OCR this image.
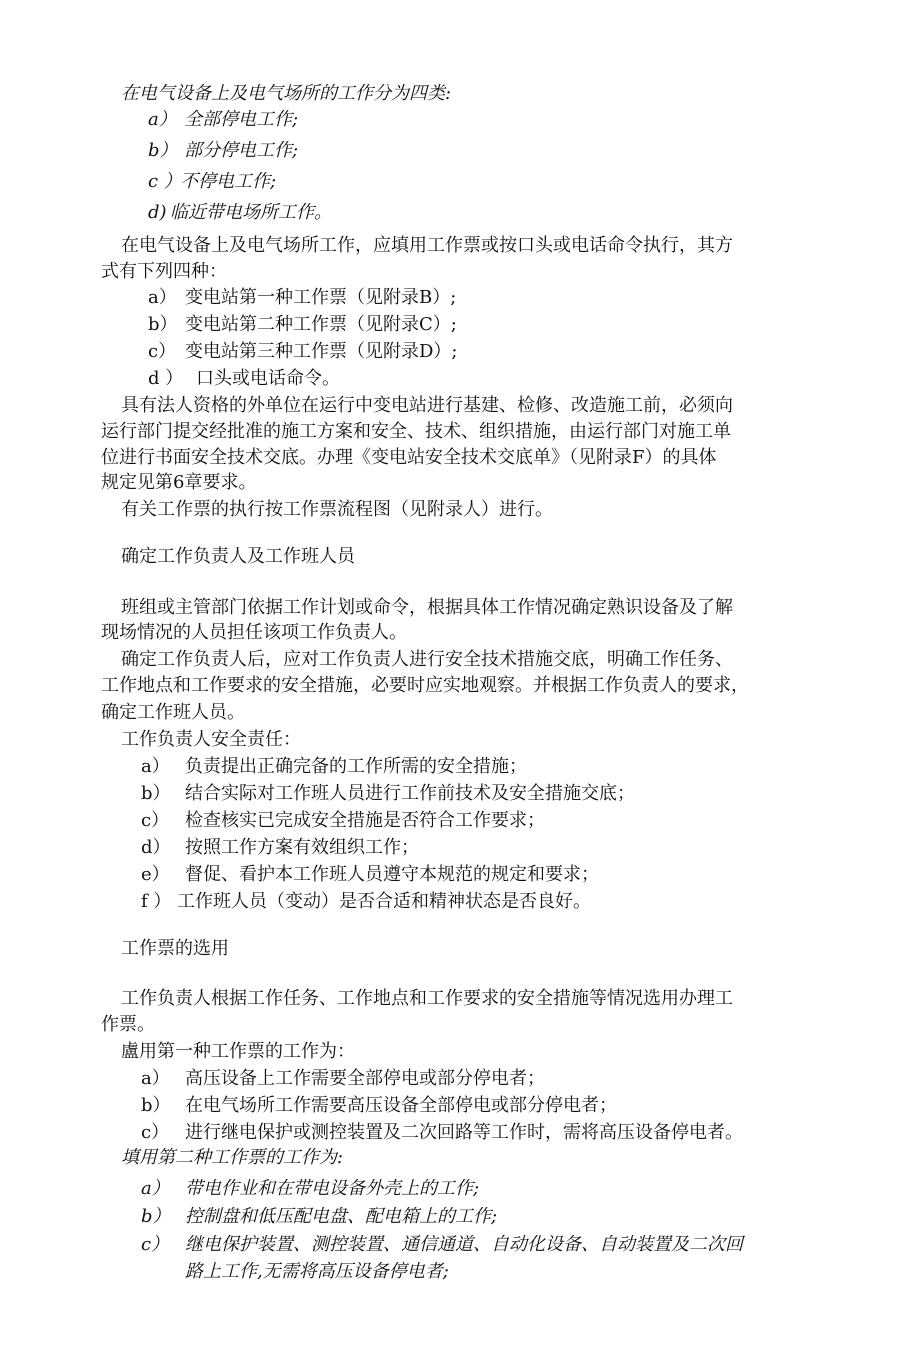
在电气设备上及电气场所的工作分为四类:
a） 全部停电工作;
b） 部分停电工作;
c ）不停电工作;
d) 临近带电场所工作。
在电气设备上及电气场所工作，应填用工作票或按口头或电话命令执行，其方
式有下列四种：
a） 变电站第一种工作票（见附录B）;
b） 变电站第二种工作票（见附录C）;
c） 变电站第三种工作票（见附录D）;
d ） 口头或电话命令。
具有法人资格的外单位在运行中变电站进行基建、检修、改造施工前，必须向
运行部门提交经批准的施工方案和安全、技术、组织措施，由运行部门对施工单
位进行书面安全技术交底。办理《变电站安全技术交底单》（见附录F）的具体
规定见第6章要求。
有关工作票的执行按工作票流程图（见附录人）进行。
确定工作负责人及工作班人员
班组或主管部门依据工作计划或命令，根据具体工作情况确定熟识设备及了解
现场情况的人员担任该项工作负责人。
确定工作负责人后，应对工作负责人进行安全技术措施交底，明确工作任务、
工作地点和工作要求的安全措施，必要时应实地观察。并根据工作负责人的要求，
确定工作班人员。
工作负责人安全责任：
a） 负责提出正确完备的工作所需的安全措施；
b） 结合实际对工作班人员进行工作前技术及安全措施交底；
c） 检查核实已完成安全措施是否符合工作要求；
d） 按照工作方案有效组织工作；
e） 督促、看护本工作班人员遵守本规范的规定和要求；
f ） 工作班人员（变动）是否合适和精神状态是否良好。
工作票的选用
工作负责人根据工作任务、工作地点和工作要求的安全措施等情况选用办理工
作票。
盧用第一种工作票的工作为：
a） 高压设备上工作需要全部停电或部分停电者；
b） 在电气场所工作需要高压设备全部停电或部分停电者；
c） 进行继电保护或测控装置及二次回路等工作时，需将高压设备停电者。
填用第二种工作票的工作为:
a） 带电作业和在带电设备外壳上的工作;
b） 控制盘和低压配电盘、配电箱上的工作;
c） 继电保护装置、测控装置、通信通道、自动化设备、自动装置及二次回
路上工作,无需将高压设备停电者;
